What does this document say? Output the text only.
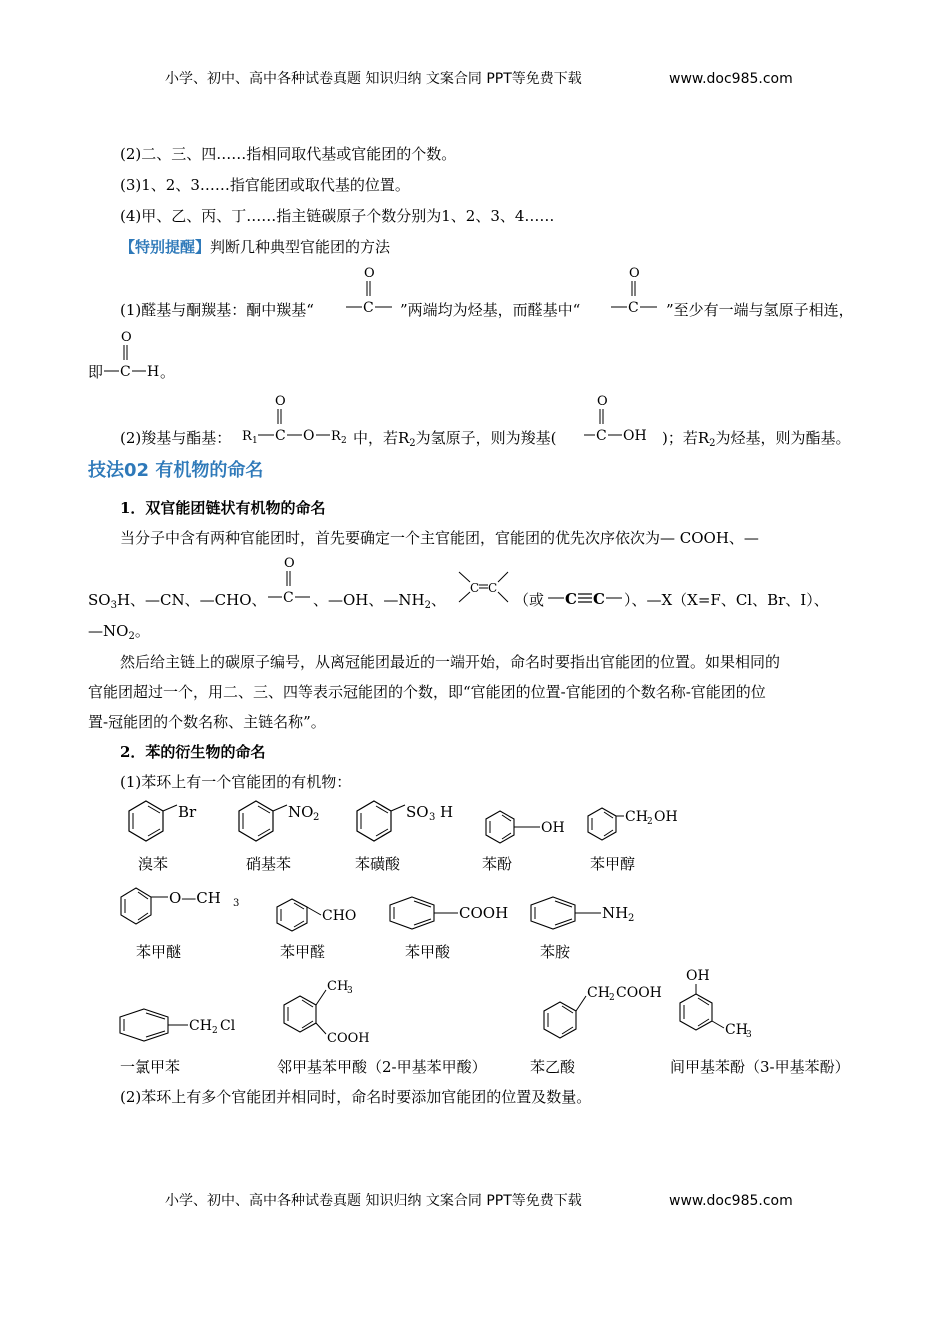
小学、初中、高中各种试卷真题 知识归纳 文案合同 PPT等免费下载	www.doc985.com
(2)二、三、四……指相同取代基或官能团的个数。
(3)1、2、3……指官能团或取代基的位置。
(4)甲、乙、丙、丁……指主链碳原子个数分别为1、2、3、4……
【特别提醒】判断几种典型官能团的方法
(1)醛基与酮羰基：酮中羰基“
O
C ”两端均为烃基，而醛基中“
O
C ”至少有一端与氢原子相连，
即
O
C H 。
(2)羧基与酯基： R 1
O
C O R 2 中，若$R_2$为氢原子，则为羧基(
O
C OH )；若$R_2$为烃基，则为酯基。
技法02 有机物的命名
1．双官能团链状有机物的命名
当分子中含有两种官能团时，首先要确定一个主官能团，官能团的优先次序依次为— COOH、—
$SO_3H$、—CN、—CHO、
O
C 、—OH、$—NH_2$、
C C
（或 C C ）、—X（X=F、Cl、Br、I）、
$—NO_2$。
然后给主链上的碳原子编号，从离冠能团最近的一端开始，命名时要指出官能团的位置。如果相同的
官能团超过一个，用二、三、四等表示冠能团的个数，即“官能团的位置-官能团的个数名称-官能团的位
置-冠能团的个数名称、主链名称”。
2．苯的衍生物的命名
(1)苯环上有一个官能团的有机物：
Br	NO 2	SO 3 H
OH
CH 2 OH
溴苯	硝基苯	苯磺酸	苯酚	苯甲醇
O—CH 3
CHO	COOH	NH 2
苯甲醚	苯甲醛	苯甲酸	苯胺
CH 2 Cl
CH
3
COOH
CH 2 COOH
OH
CH
3
一氯甲苯	邻甲基苯甲酸（2-甲基苯甲酸）	苯乙酸	间甲基苯酚（3-甲基苯酚）
(2)苯环上有多个官能团并相同时，命名时要添加官能团的位置及数量。
小学、初中、高中各种试卷真题 知识归纳 文案合同 PPT等免费下载	www.doc985.com
